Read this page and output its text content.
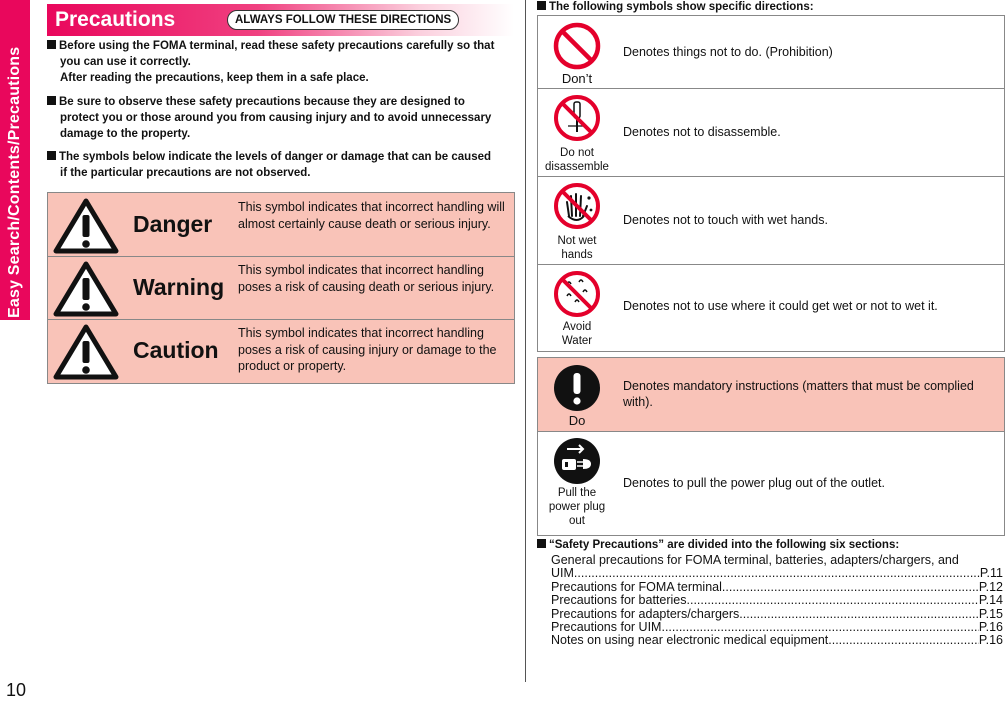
Easy Search/Contents/Precautions
10
Precautions	ALWAYS FOLLOW THESE DIRECTIONS
Before using the FOMA terminal, read these safety precautions carefully so that
you can use it correctly.
After reading the precautions, keep them in a safe place.
Be sure to observe these safety precautions because they are designed to
protect you or those around you from causing injury and to avoid unnecessary
damage to the property.
The symbols below indicate the levels of danger or damage that can be caused
if the particular precautions are not observed.
Danger
This symbol indicates that incorrect handling will almost certainly cause death or serious injury.
Warning
This symbol indicates that incorrect handling poses a risk of causing death or serious injury.
Caution
This symbol indicates that incorrect handling poses a risk of causing injury or damage to the product or property.
The following symbols show specific directions:
Don’t
Denotes things not to do. (Prohibition)
Do not
disassemble
Denotes not to disassemble.
Not wet
hands
Denotes not to touch with wet hands.
Avoid
Water
Denotes not to use where it could get wet or not to wet it.
Do
Denotes mandatory instructions (matters that must be complied with).
Pull the
power plug
out
Denotes to pull the power plug out of the outlet.
“Safety Precautions” are divided into the following six sections:
General precautions for FOMA terminal, batteries, adapters/chargers, and
UIM .....	P.11
Precautions for FOMA terminal .....	P.12
Precautions for batteries .....	P.14
Precautions for adapters/chargers. .....	P.15
Precautions for UIM. .....	P.16
Notes on using near electronic medical equipment .....	P.16
